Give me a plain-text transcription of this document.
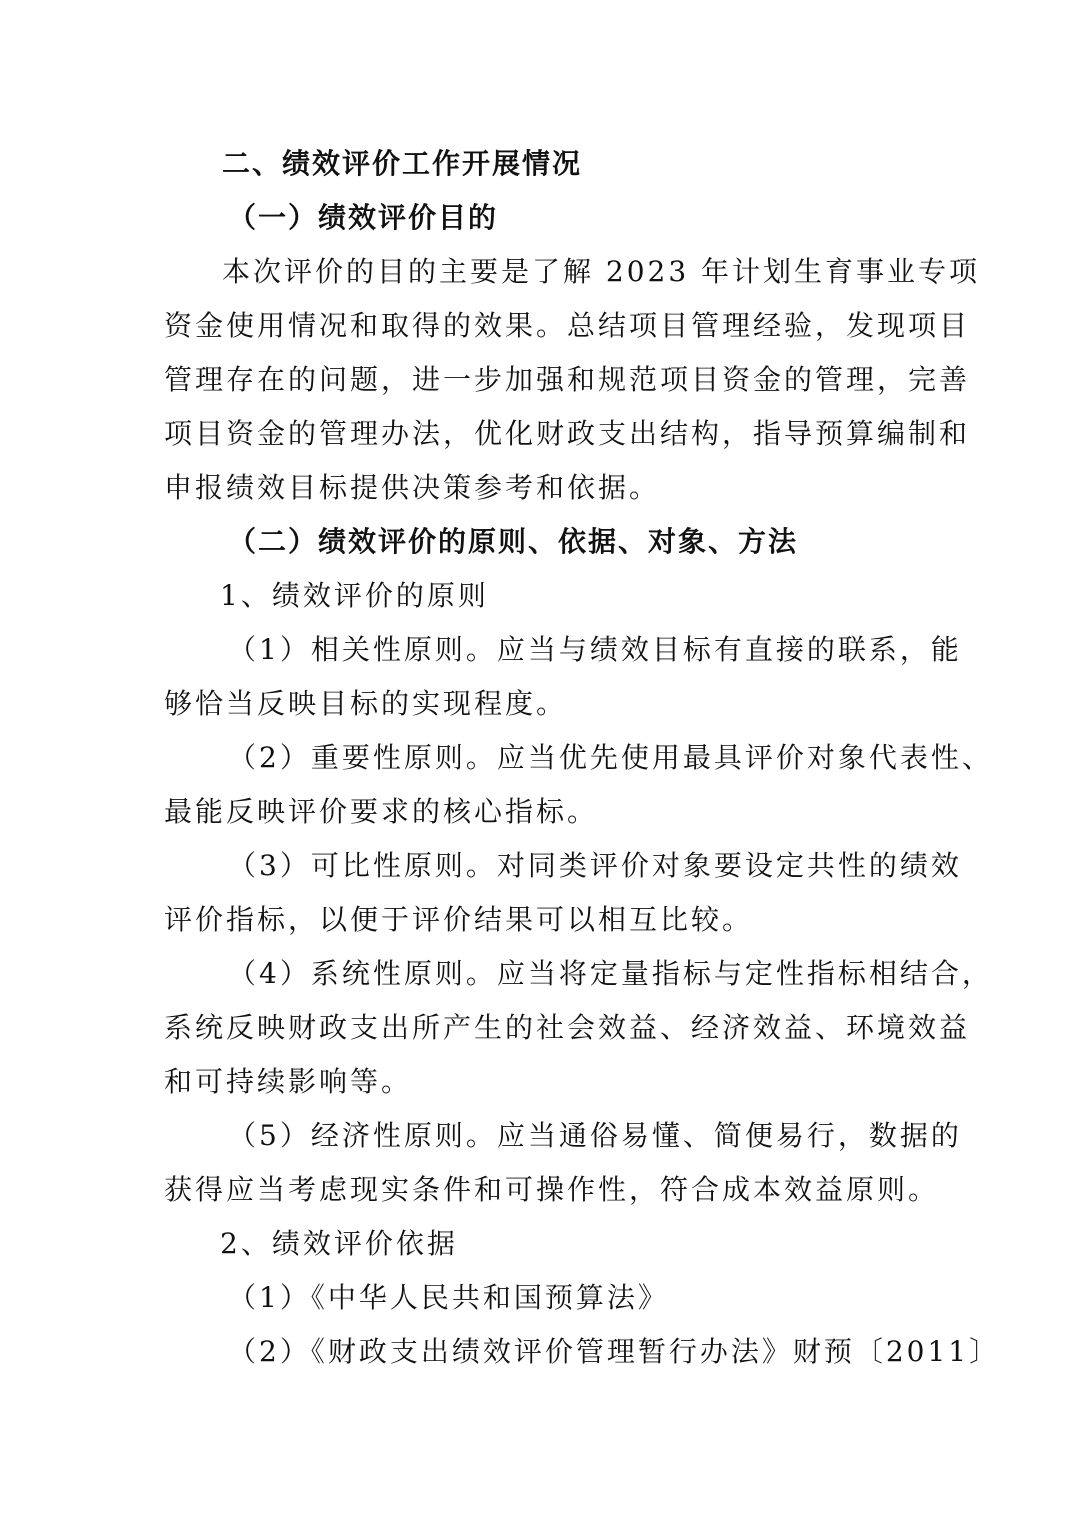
二、绩效评价工作开展情况
（一）绩效评价目的
本次评价的目的主要是了解 2023 年计划生育事业专项
资金使用情况和取得的效果。总结项目管理经验，发现项目
管理存在的问题，进一步加强和规范项目资金的管理，完善
项目资金的管理办法，优化财政支出结构，指导预算编制和
申报绩效目标提供决策参考和依据。
（二）绩效评价的原则、依据、对象、方法
1、绩效评价的原则
（1）相关性原则。应当与绩效目标有直接的联系，能
够恰当反映目标的实现程度。
（2）重要性原则。应当优先使用最具评价对象代表性、
最能反映评价要求的核心指标。
（3）可比性原则。对同类评价对象要设定共性的绩效
评价指标，以便于评价结果可以相互比较。
（4）系统性原则。应当将定量指标与定性指标相结合，
系统反映财政支出所产生的社会效益、经济效益、环境效益
和可持续影响等。
（5）经济性原则。应当通俗易懂、简便易行，数据的
获得应当考虑现实条件和可操作性，符合成本效益原则。
2、绩效评价依据
（1）《中华人民共和国预算法》
（2）《财政支出绩效评价管理暂行办法》财预〔2011〕
